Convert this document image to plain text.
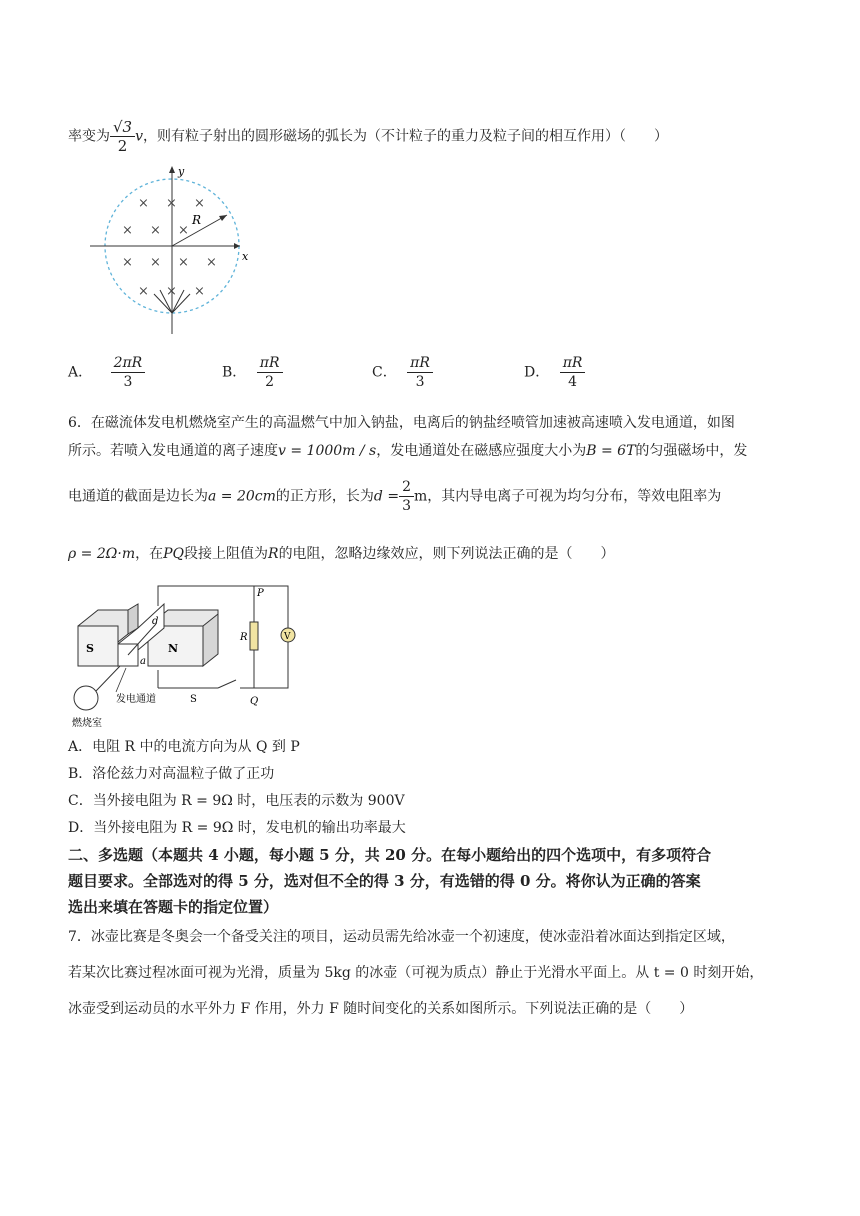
率变为 $\frac{√3}{2}$ v，则有粒子射出的圆形磁场的弧长为（不计粒子的重力及粒子间的相互作用）（　　）
y
x
R
× × ×
× × ×
× × × ×
× × ×
A． $\frac{2\pi R}{3}$	B． $\frac{\pi R}{2}$	C． $\frac{\pi R}{3}$	D． $\frac{\pi R}{4}$
6．在磁流体发电机燃烧室产生的高温燃气中加入钠盐，电离后的钠盐经喷管加速被高速喷入发电通道，如图
所示。若喷入发电通道的离子速度v = 1000m / s，发电通道处在磁感应强度大小为B = 6T的匀强磁场中，发
电通道的截面是边长为a = 20cm的正方形，长为$d = \frac{2}{3}$ m，其内导电离子可视为均匀分布，等效电阻率为
ρ = 2Ω·m，在PQ段接上阻值为R的电阻，忽略边缘效应，则下列说法正确的是（　　）
R	V
P
Q
S
S	N
d
a
发电通道
燃烧室
A．电阻 R 中的电流方向为从 Q 到 P
B．洛伦兹力对高温粒子做了正功
C．当外接电阻为 R = 9Ω 时，电压表的示数为 900V
D．当外接电阻为 R = 9Ω 时，发电机的输出功率最大
二、多选题（本题共 4 小题，每小题 5 分，共 20 分。在每小题给出的四个选项中，有多项符合
题目要求。全部选对的得 5 分，选对但不全的得 3 分，有选错的得 0 分。将你认为正确的答案
选出来填在答题卡的指定位置）
7．冰壶比赛是冬奥会一个备受关注的项目，运动员需先给冰壶一个初速度，使冰壶沿着冰面达到指定区域，
若某次比赛过程冰面可视为光滑，质量为 5kg 的冰壶（可视为质点）静止于光滑水平面上。从 t = 0 时刻开始，
冰壶受到运动员的水平外力 F 作用，外力 F 随时间变化的关系如图所示。下列说法正确的是（　　）
